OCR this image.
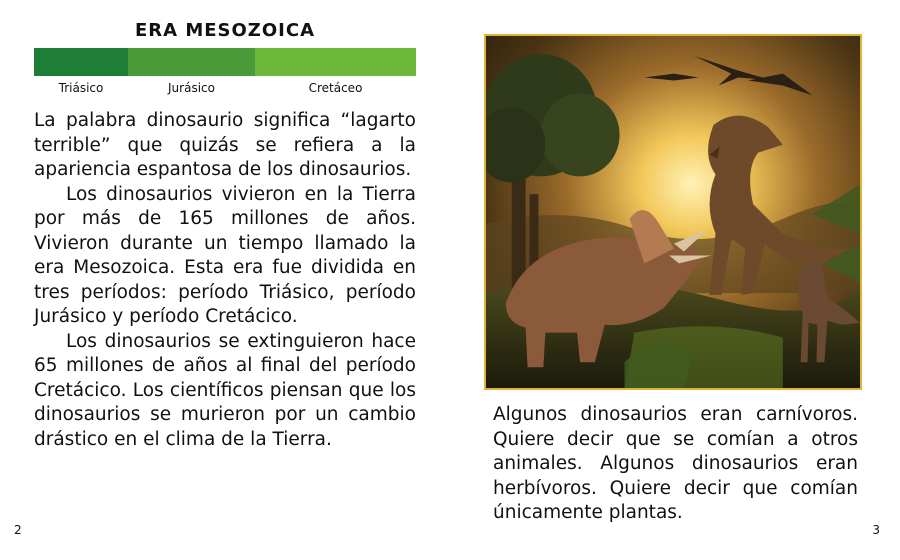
ERA MESOZOICA
Triásico	Jurásico	Cretáceo

La palabra dinosaurio significa “lagarto terrible” que quizás se refiera a la apariencia espantosa de los dinosaurios.

Los dinosaurios vivieron en la Tierra por más de 165 millones de años. Vivieron durante un tiempo llamado la era Mesozoica. Esta era fue dividida en tres períodos: período Triásico, período Jurásico y período Cretácico.

Los dinosaurios se extinguieron hace 65 millones de años al final del período Cretácico. Los científicos piensan que los dinosaurios se murieron por un cambio drástico en el clima de la Tierra.

2
Algunos dinosaurios eran carnívoros. Quiere decir que se comían a otros animales. Algunos dinosaurios eran herbívoros. Quiere decir que comían únicamente plantas.
3
